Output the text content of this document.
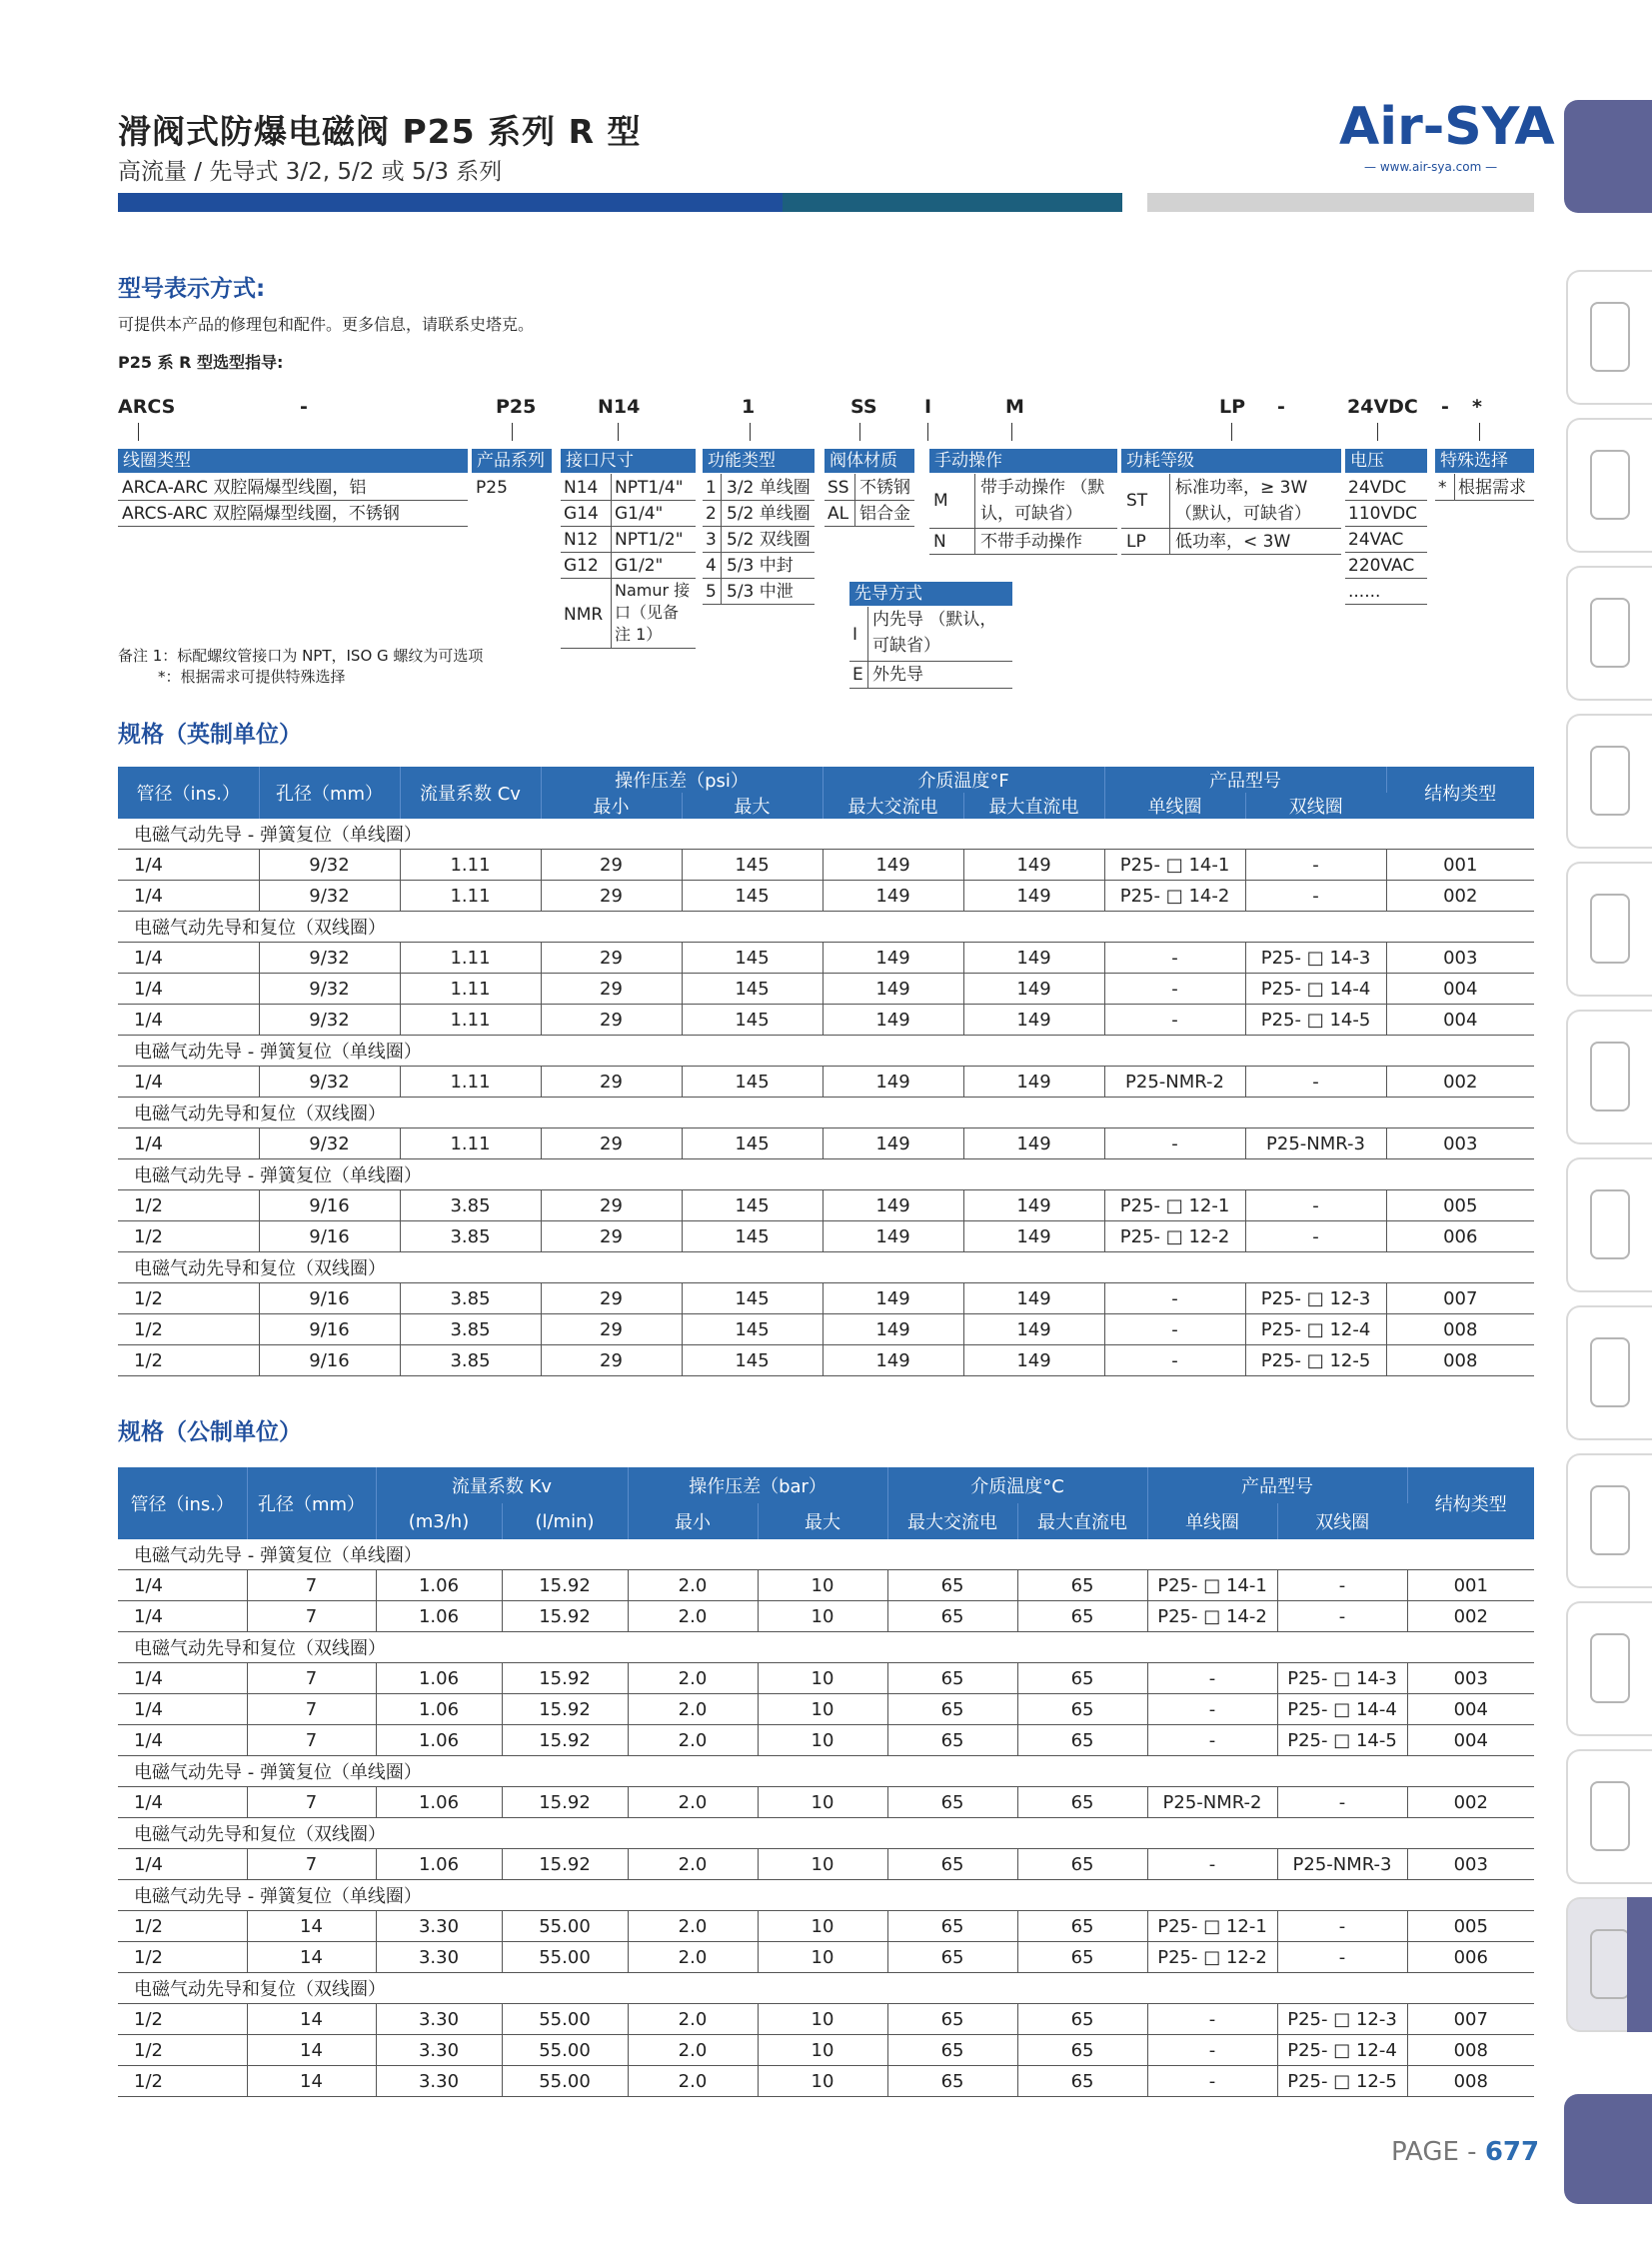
滑阀式防爆电磁阀 P25 系列 R 型
高流量 / 先导式 3/2, 5/2 或 5/3 系列
Air-SYA
— www.air-sya.com —
型号表示方式:
可提供本产品的修理包和配件。更多信息，请联系史塔克。
P25 系 R 型选型指导:
ARCS	-	P25	N14	1	SS I	M	LP -	24VDC - *
线圈类型
ARCA-ARC 双腔隔爆型线圈，铝
ARCS-ARC 双腔隔爆型线圈，不锈钢
产品系列
P25
接口尺寸
N14 NPT1/4"
G14 G1/4"
N12 NPT1/2"
G12 G1/2"
NMR
Namur 接 口（见备 注 1）
功能类型
1 3/2 单线圈
2 5/2 单线圈
3 5/2 双线圈
4 5/3 中封
5 5/3 中泄
阀体材质
SS 不锈钢
AL 铝合金
先导方式
I
内先导 （默认，可缺省）
E 外先导
手动操作
M
带手动操作 （默认，可缺省）
N 不带手动操作
功耗等级
ST
标准功率，≥ 3W （默认，可缺省）
LP 低功率，< 3W
电压
24VDC
110VDC
24VAC
220VAC
......
特殊选择
* 根据需求
备注 1：标配螺纹管接口为 NPT，ISO G 螺纹为可选项
*：根据需求可提供特殊选择
规格（英制单位）
管径（ins.）	孔径（mm）	流量系数 Cv	操作压差（psi）		介质温度°F		产品型号		结构类型
			最小	最大	最大交流电	最大直流电	单线圈	双线圈	
电磁气动先导 - 弹簧复位（单线圈）									
1/4	9/32	1.11	29	145	149	149	P25- □ 14-1	-	001
1/4	9/32	1.11	29	145	149	149	P25- □ 14-2	-	002
电磁气动先导和复位（双线圈）									
1/4	9/32	1.11	29	145	149	149	-	P25- □ 14-3	003
1/4	9/32	1.11	29	145	149	149	-	P25- □ 14-4	004
1/4	9/32	1.11	29	145	149	149	-	P25- □ 14-5	004
电磁气动先导 - 弹簧复位（单线圈）									
1/4	9/32	1.11	29	145	149	149	P25-NMR-2	-	002
电磁气动先导和复位（双线圈）									
1/4	9/32	1.11	29	145	149	149	-	P25-NMR-3	003
电磁气动先导 - 弹簧复位（单线圈）									
1/2	9/16	3.85	29	145	149	149	P25- □ 12-1	-	005
1/2	9/16	3.85	29	145	149	149	P25- □ 12-2	-	006
电磁气动先导和复位（双线圈）									
1/2	9/16	3.85	29	145	149	149	-	P25- □ 12-3	007
1/2	9/16	3.85	29	145	149	149	-	P25- □ 12-4	008
1/2	9/16	3.85	29	145	149	149	-	P25- □ 12-5	008
规格（公制单位）
管径（ins.）	孔径（mm）	流量系数 Kv		操作压差（bar）		介质温度°C		产品型号		结构类型
		(m3/h)	(l/min)	最小	最大	最大交流电	最大直流电	单线圈	双线圈	
电磁气动先导 - 弹簧复位（单线圈）										
1/4	7	1.06	15.92	2.0	10	65	65	P25- □ 14-1	-	001
1/4	7	1.06	15.92	2.0	10	65	65	P25- □ 14-2	-	002
电磁气动先导和复位（双线圈）										
1/4	7	1.06	15.92	2.0	10	65	65	-	P25- □ 14-3	003
1/4	7	1.06	15.92	2.0	10	65	65	-	P25- □ 14-4	004
1/4	7	1.06	15.92	2.0	10	65	65	-	P25- □ 14-5	004
电磁气动先导 - 弹簧复位（单线圈）										
1/4	7	1.06	15.92	2.0	10	65	65	P25-NMR-2	-	002
电磁气动先导和复位（双线圈）										
1/4	7	1.06	15.92	2.0	10	65	65	-	P25-NMR-3	003
电磁气动先导 - 弹簧复位（单线圈）										
1/2	14	3.30	55.00	2.0	10	65	65	P25- □ 12-1	-	005
1/2	14	3.30	55.00	2.0	10	65	65	P25- □ 12-2	-	006
电磁气动先导和复位（双线圈）										
1/2	14	3.30	55.00	2.0	10	65	65	-	P25- □ 12-3	007
1/2	14	3.30	55.00	2.0	10	65	65	-	P25- □ 12-4	008
1/2	14	3.30	55.00	2.0	10	65	65	-	P25- □ 12-5	008
PAGE - 677
